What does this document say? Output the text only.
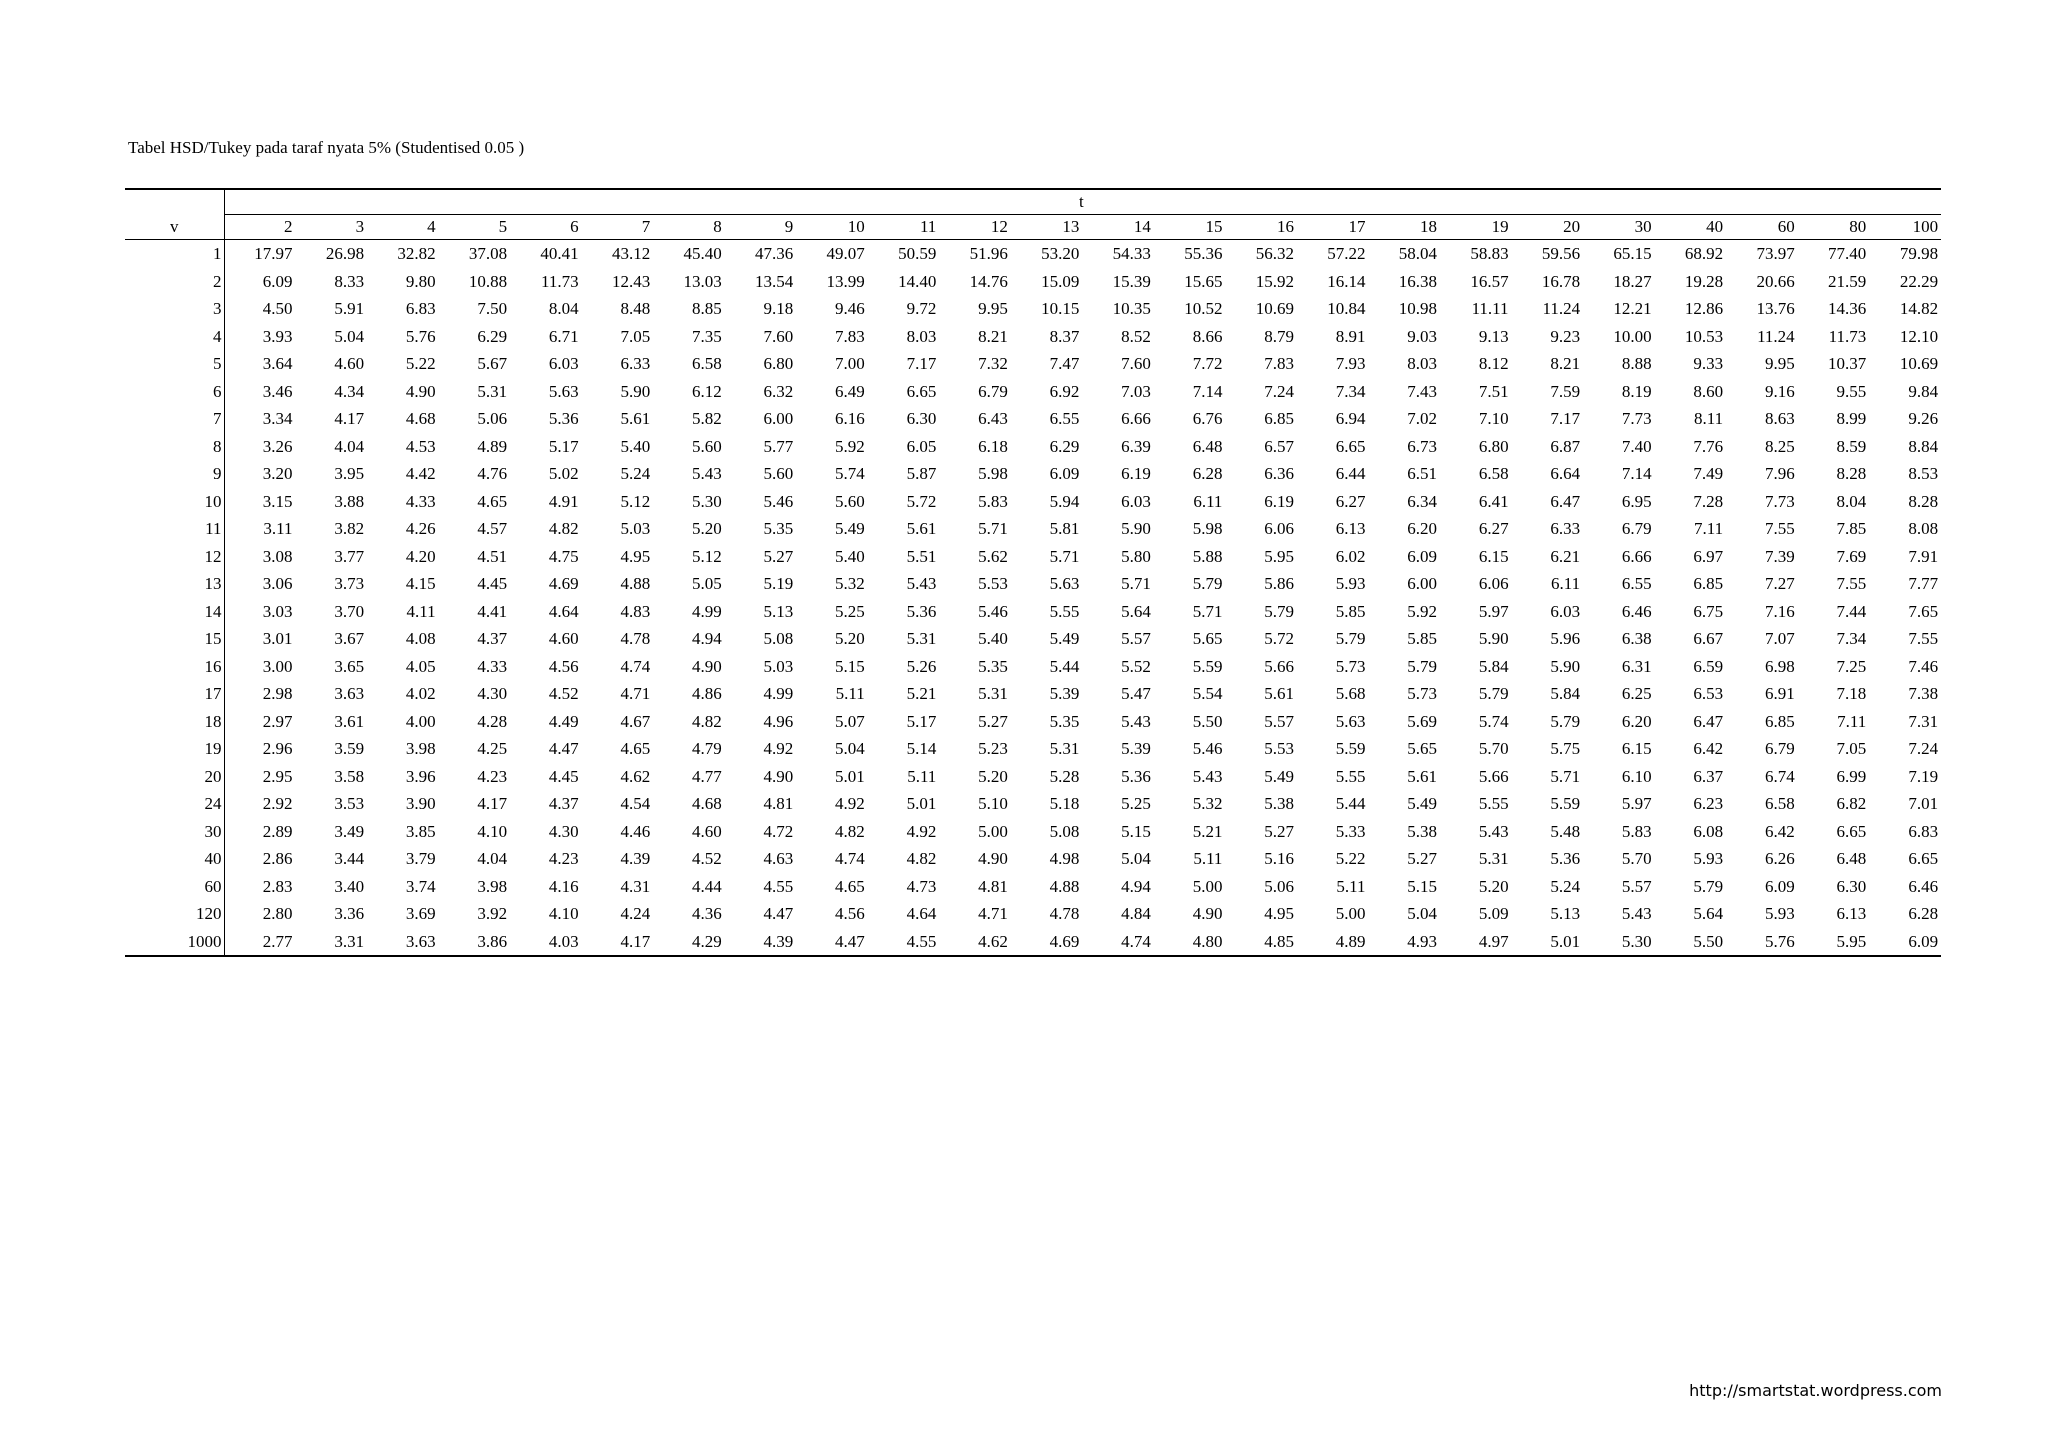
Tabel HSD/Tukey pada taraf nyata 5% (Studentised 0.05 )
	t																							
v	2	3	4	5	6	7	8	9	10	11	12	13	14	15	16	17	18	19	20	30	40	60	80	100
1	17.97	26.98	32.82	37.08	40.41	43.12	45.40	47.36	49.07	50.59	51.96	53.20	54.33	55.36	56.32	57.22	58.04	58.83	59.56	65.15	68.92	73.97	77.40	79.98
2	6.09	8.33	9.80	10.88	11.73	12.43	13.03	13.54	13.99	14.40	14.76	15.09	15.39	15.65	15.92	16.14	16.38	16.57	16.78	18.27	19.28	20.66	21.59	22.29
3	4.50	5.91	6.83	7.50	8.04	8.48	8.85	9.18	9.46	9.72	9.95	10.15	10.35	10.52	10.69	10.84	10.98	11.11	11.24	12.21	12.86	13.76	14.36	14.82
4	3.93	5.04	5.76	6.29	6.71	7.05	7.35	7.60	7.83	8.03	8.21	8.37	8.52	8.66	8.79	8.91	9.03	9.13	9.23	10.00	10.53	11.24	11.73	12.10
5	3.64	4.60	5.22	5.67	6.03	6.33	6.58	6.80	7.00	7.17	7.32	7.47	7.60	7.72	7.83	7.93	8.03	8.12	8.21	8.88	9.33	9.95	10.37	10.69
6	3.46	4.34	4.90	5.31	5.63	5.90	6.12	6.32	6.49	6.65	6.79	6.92	7.03	7.14	7.24	7.34	7.43	7.51	7.59	8.19	8.60	9.16	9.55	9.84
7	3.34	4.17	4.68	5.06	5.36	5.61	5.82	6.00	6.16	6.30	6.43	6.55	6.66	6.76	6.85	6.94	7.02	7.10	7.17	7.73	8.11	8.63	8.99	9.26
8	3.26	4.04	4.53	4.89	5.17	5.40	5.60	5.77	5.92	6.05	6.18	6.29	6.39	6.48	6.57	6.65	6.73	6.80	6.87	7.40	7.76	8.25	8.59	8.84
9	3.20	3.95	4.42	4.76	5.02	5.24	5.43	5.60	5.74	5.87	5.98	6.09	6.19	6.28	6.36	6.44	6.51	6.58	6.64	7.14	7.49	7.96	8.28	8.53
10	3.15	3.88	4.33	4.65	4.91	5.12	5.30	5.46	5.60	5.72	5.83	5.94	6.03	6.11	6.19	6.27	6.34	6.41	6.47	6.95	7.28	7.73	8.04	8.28
11	3.11	3.82	4.26	4.57	4.82	5.03	5.20	5.35	5.49	5.61	5.71	5.81	5.90	5.98	6.06	6.13	6.20	6.27	6.33	6.79	7.11	7.55	7.85	8.08
12	3.08	3.77	4.20	4.51	4.75	4.95	5.12	5.27	5.40	5.51	5.62	5.71	5.80	5.88	5.95	6.02	6.09	6.15	6.21	6.66	6.97	7.39	7.69	7.91
13	3.06	3.73	4.15	4.45	4.69	4.88	5.05	5.19	5.32	5.43	5.53	5.63	5.71	5.79	5.86	5.93	6.00	6.06	6.11	6.55	6.85	7.27	7.55	7.77
14	3.03	3.70	4.11	4.41	4.64	4.83	4.99	5.13	5.25	5.36	5.46	5.55	5.64	5.71	5.79	5.85	5.92	5.97	6.03	6.46	6.75	7.16	7.44	7.65
15	3.01	3.67	4.08	4.37	4.60	4.78	4.94	5.08	5.20	5.31	5.40	5.49	5.57	5.65	5.72	5.79	5.85	5.90	5.96	6.38	6.67	7.07	7.34	7.55
16	3.00	3.65	4.05	4.33	4.56	4.74	4.90	5.03	5.15	5.26	5.35	5.44	5.52	5.59	5.66	5.73	5.79	5.84	5.90	6.31	6.59	6.98	7.25	7.46
17	2.98	3.63	4.02	4.30	4.52	4.71	4.86	4.99	5.11	5.21	5.31	5.39	5.47	5.54	5.61	5.68	5.73	5.79	5.84	6.25	6.53	6.91	7.18	7.38
18	2.97	3.61	4.00	4.28	4.49	4.67	4.82	4.96	5.07	5.17	5.27	5.35	5.43	5.50	5.57	5.63	5.69	5.74	5.79	6.20	6.47	6.85	7.11	7.31
19	2.96	3.59	3.98	4.25	4.47	4.65	4.79	4.92	5.04	5.14	5.23	5.31	5.39	5.46	5.53	5.59	5.65	5.70	5.75	6.15	6.42	6.79	7.05	7.24
20	2.95	3.58	3.96	4.23	4.45	4.62	4.77	4.90	5.01	5.11	5.20	5.28	5.36	5.43	5.49	5.55	5.61	5.66	5.71	6.10	6.37	6.74	6.99	7.19
24	2.92	3.53	3.90	4.17	4.37	4.54	4.68	4.81	4.92	5.01	5.10	5.18	5.25	5.32	5.38	5.44	5.49	5.55	5.59	5.97	6.23	6.58	6.82	7.01
30	2.89	3.49	3.85	4.10	4.30	4.46	4.60	4.72	4.82	4.92	5.00	5.08	5.15	5.21	5.27	5.33	5.38	5.43	5.48	5.83	6.08	6.42	6.65	6.83
40	2.86	3.44	3.79	4.04	4.23	4.39	4.52	4.63	4.74	4.82	4.90	4.98	5.04	5.11	5.16	5.22	5.27	5.31	5.36	5.70	5.93	6.26	6.48	6.65
60	2.83	3.40	3.74	3.98	4.16	4.31	4.44	4.55	4.65	4.73	4.81	4.88	4.94	5.00	5.06	5.11	5.15	5.20	5.24	5.57	5.79	6.09	6.30	6.46
120	2.80	3.36	3.69	3.92	4.10	4.24	4.36	4.47	4.56	4.64	4.71	4.78	4.84	4.90	4.95	5.00	5.04	5.09	5.13	5.43	5.64	5.93	6.13	6.28
1000	2.77	3.31	3.63	3.86	4.03	4.17	4.29	4.39	4.47	4.55	4.62	4.69	4.74	4.80	4.85	4.89	4.93	4.97	5.01	5.30	5.50	5.76	5.95	6.09
http://smartstat.wordpress.com
